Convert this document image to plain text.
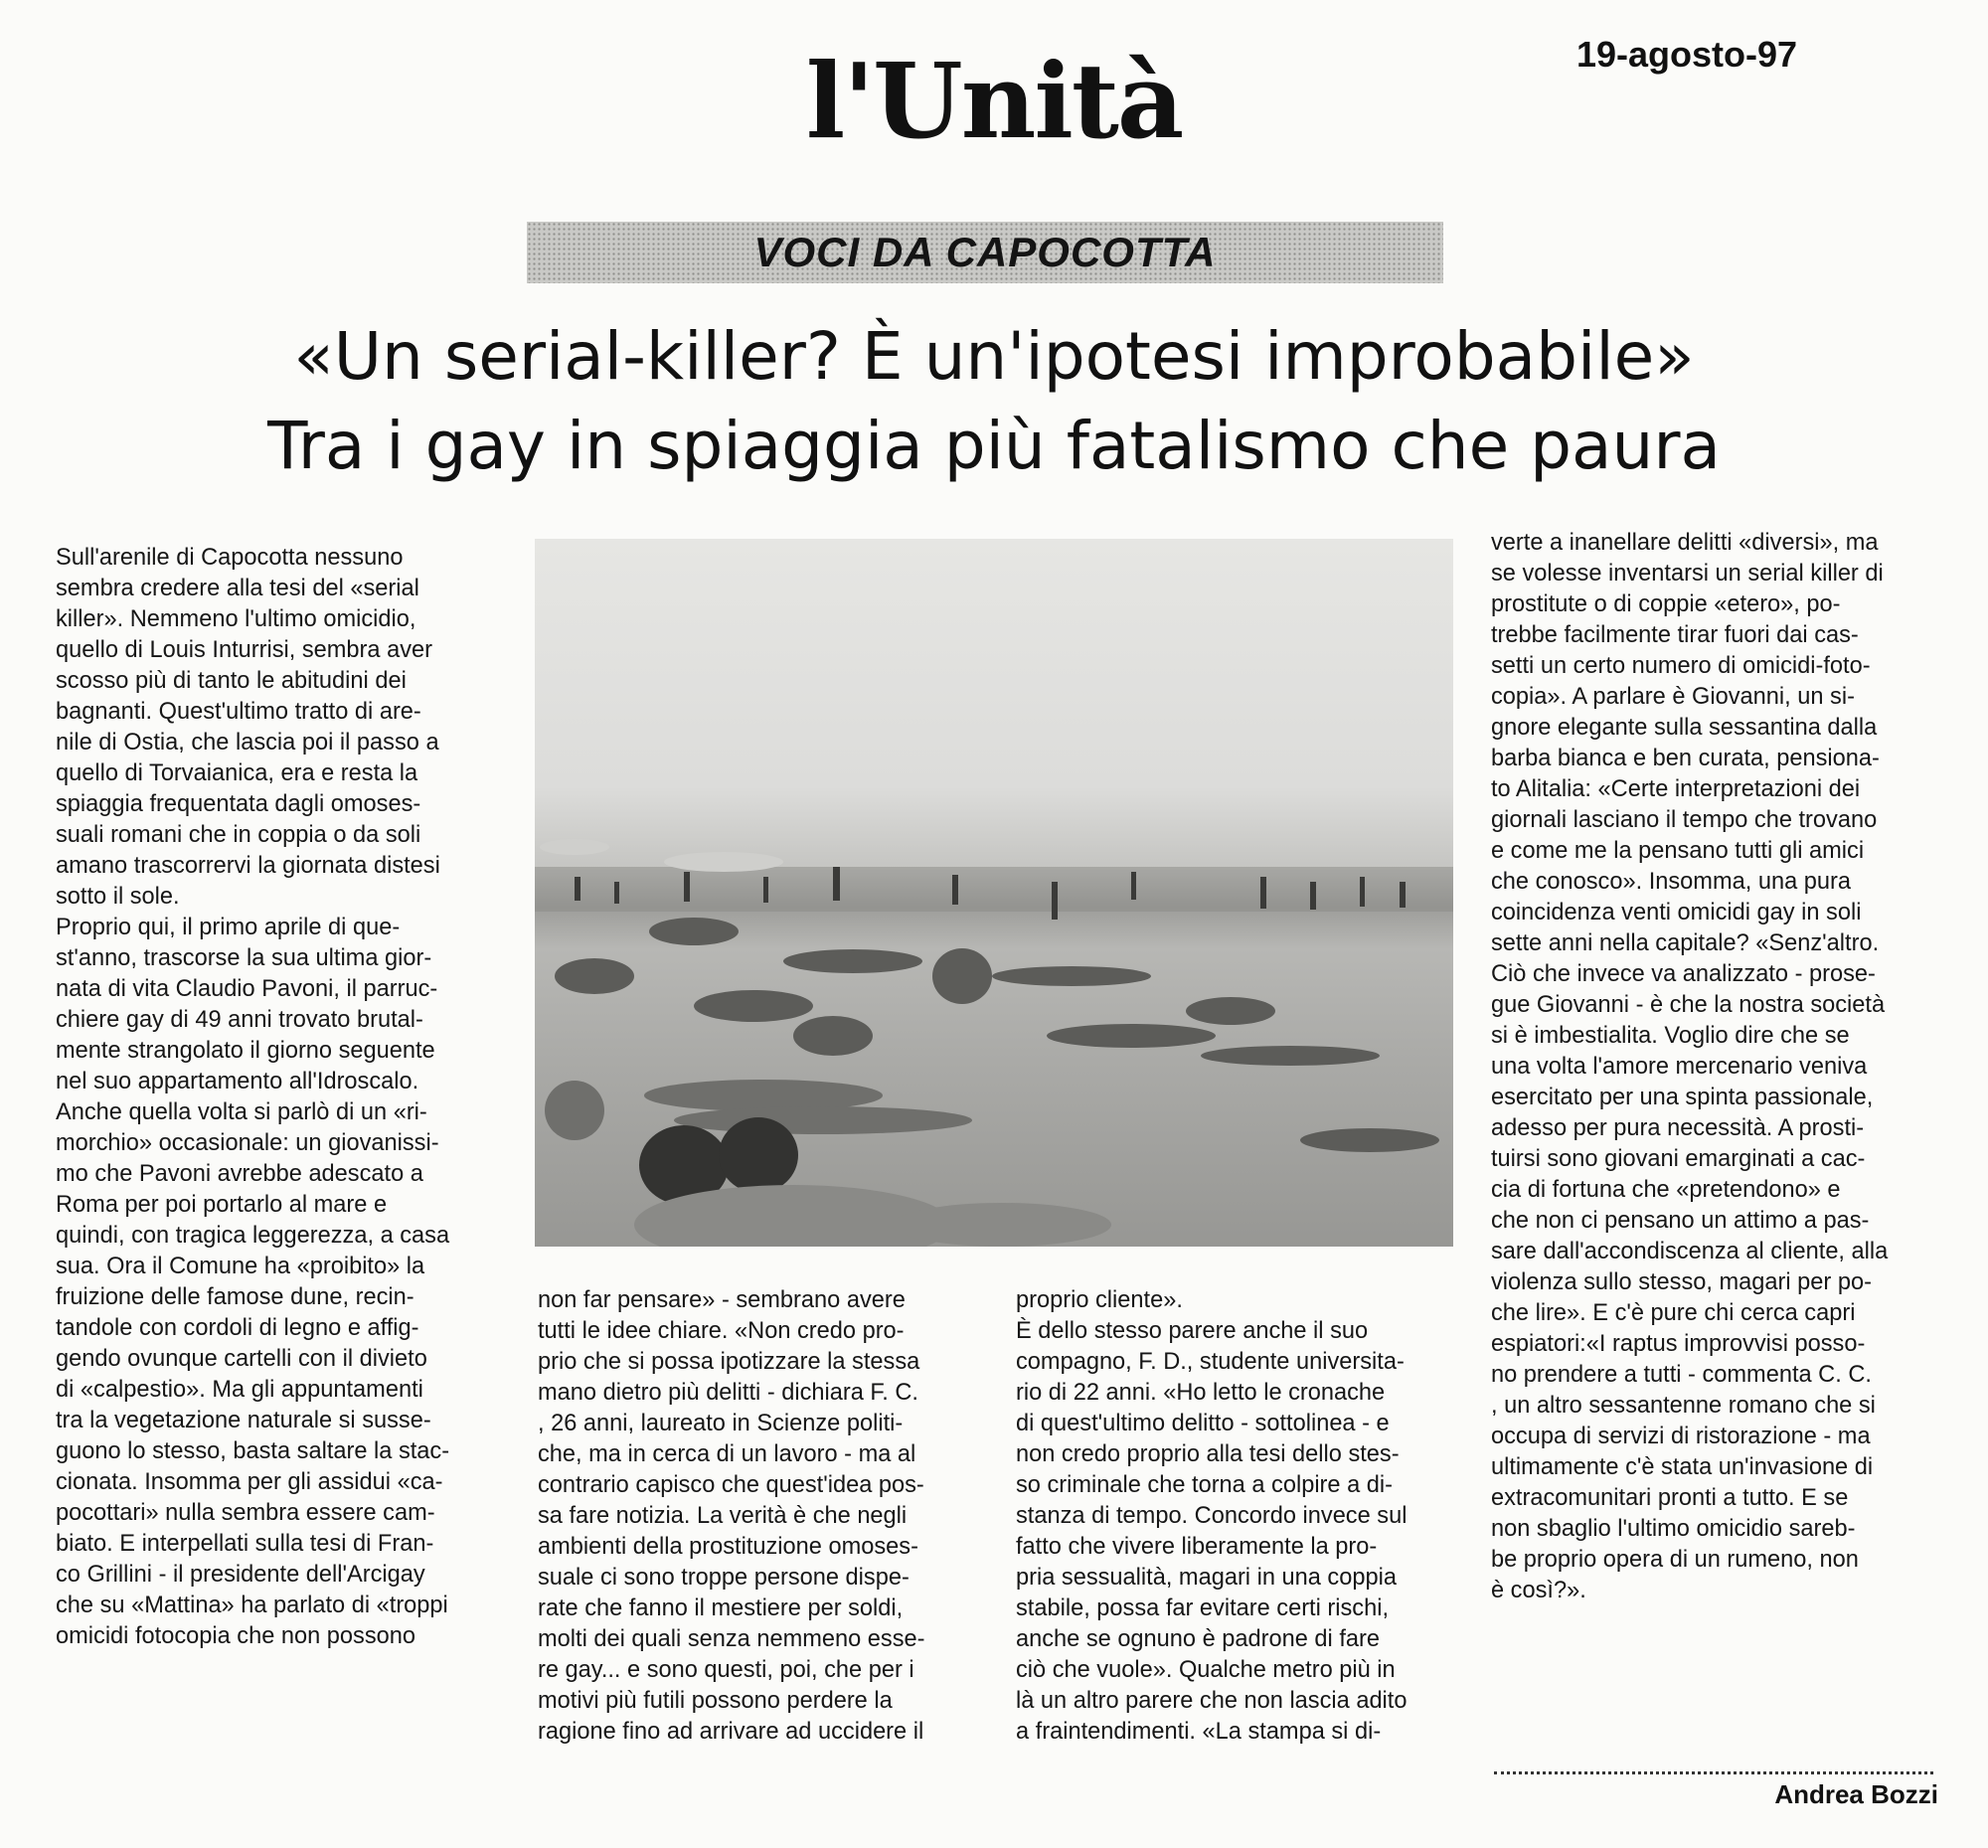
l'Unità	19-agosto-97
VOCI DA CAPOCOTTA
«Un serial-killer? È un'ipotesi improbabile»
Tra i gay in spiaggia più fatalismo che paura
Sull'arenile di Capocotta nessuno
sembra credere alla tesi del «serial
killer». Nemmeno l'ultimo omicidio,
quello di Louis Inturrisi, sembra aver
scosso più di tanto le abitudini dei
bagnanti. Quest'ultimo tratto di are-
nile di Ostia, che lascia poi il passo a
quello di Torvaianica, era e resta la
spiaggia frequentata dagli omoses-
suali romani che in coppia o da soli
amano trascorrervi la giornata distesi
sotto il sole.
Proprio qui, il primo aprile di que-
st'anno, trascorse la sua ultima gior-
nata di vita Claudio Pavoni, il parruc-
chiere gay di 49 anni trovato brutal-
mente strangolato il giorno seguente
nel suo appartamento all'Idroscalo.
Anche quella volta si parlò di un «ri-
morchio» occasionale: un giovanissi-
mo che Pavoni avrebbe adescato a
Roma per poi portarlo al mare e
quindi, con tragica leggerezza, a casa
sua. Ora il Comune ha «proibito» la
fruizione delle famose dune, recin-
tandole con cordoli di legno e affig-
gendo ovunque cartelli con il divieto
di «calpestio». Ma gli appuntamenti
tra la vegetazione naturale si susse-
guono lo stesso, basta saltare la stac-
cionata. Insomma per gli assidui «ca-
pocottari» nulla sembra essere cam-
biato. E interpellati sulla tesi di Fran-
co Grillini - il presidente dell'Arcigay
che su «Mattina» ha parlato di «troppi
omicidi fotocopia che non possono
non far pensare» - sembrano avere
tutti le idee chiare. «Non credo pro-
prio che si possa ipotizzare la stessa
mano dietro più delitti - dichiara F. C.
, 26 anni, laureato in Scienze politi-
che, ma in cerca di un lavoro - ma al
contrario capisco che quest'idea pos-
sa fare notizia. La verità è che negli
ambienti della prostituzione omoses-
suale ci sono troppe persone dispe-
rate che fanno il mestiere per soldi,
molti dei quali senza nemmeno esse-
re gay... e sono questi, poi, che per i
motivi più futili possono perdere la
ragione fino ad arrivare ad uccidere il
proprio cliente».
È dello stesso parere anche il suo
compagno, F. D., studente universita-
rio di 22 anni. «Ho letto le cronache
di quest'ultimo delitto - sottolinea - e
non credo proprio alla tesi dello stes-
so criminale che torna a colpire a di-
stanza di tempo. Concordo invece sul
fatto che vivere liberamente la pro-
pria sessualità, magari in una coppia
stabile, possa far evitare certi rischi,
anche se ognuno è padrone di fare
ciò che vuole». Qualche metro più in
là un altro parere che non lascia adito
a fraintendimenti. «La stampa si di-
verte a inanellare delitti «diversi», ma
se volesse inventarsi un serial killer di
prostitute o di coppie «etero», po-
trebbe facilmente tirar fuori dai cas-
setti un certo numero di omicidi-foto-
copia». A parlare è Giovanni, un si-
gnore elegante sulla sessantina dalla
barba bianca e ben curata, pensiona-
to Alitalia: «Certe interpretazioni dei
giornali lasciano il tempo che trovano
e come me la pensano tutti gli amici
che conosco». Insomma, una pura
coincidenza venti omicidi gay in soli
sette anni nella capitale? «Senz'altro.
Ciò che invece va analizzato - prose-
gue Giovanni - è che la nostra società
si è imbestialita. Voglio dire che se
una volta l'amore mercenario veniva
esercitato per una spinta passionale,
adesso per pura necessità. A prosti-
tuirsi sono giovani emarginati a cac-
cia di fortuna che «pretendono» e
che non ci pensano un attimo a pas-
sare dall'accondiscenza al cliente, alla
violenza sullo stesso, magari per po-
che lire». E c'è pure chi cerca capri
espiatori:«I raptus improvvisi posso-
no prendere a tutti - commenta C. C.
, un altro sessantenne romano che si
occupa di servizi di ristorazione - ma
ultimamente c'è stata un'invasione di
extracomunitari pronti a tutto. E se
non sbaglio l'ultimo omicidio sareb-
be proprio opera di un rumeno, non
è così?».
Andrea Bozzi
